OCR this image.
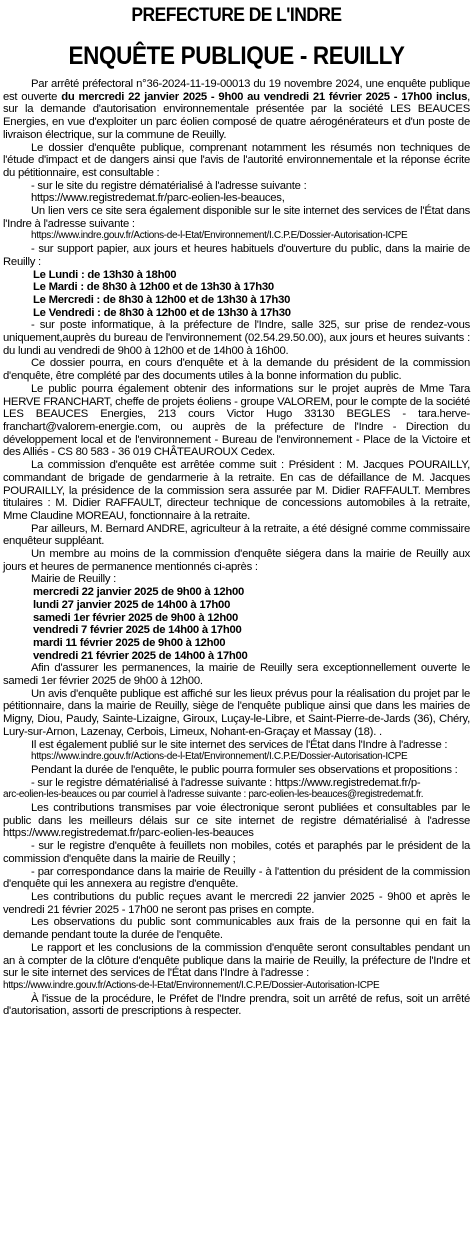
PREFECTURE DE L'INDRE
ENQUÊTE PUBLIQUE - REUILLY

Par arrêté préfectoral n°36-2024-11-19-00013 du 19 novembre 2024, une enquête publique est ouverte du mercredi 22 janvier 2025 - 9h00 au vendredi 21 février 2025 - 17h00 inclus, sur la demande d'autorisation environnementale présentée par la société LES BEAUCES Energies, en vue d'exploiter un parc éolien composé de quatre aérogénérateurs et d'un poste de livraison électrique, sur la commune de Reuilly.

Le dossier d'enquête publique, comprenant notamment les résumés non techniques de l'étude d'impact et de dangers ainsi que l'avis de l'autorité environnementale et la réponse écrite du pétitionnaire, est consultable :

- sur le site du registre dématérialisé à l'adresse suivante :

https://www.registredemat.fr/parc-eolien-les-beauces,

Un lien vers ce site sera également disponible sur le site internet des services de l'État dans l'Indre à l'adresse suivante :

https://www.indre.gouv.fr/Actions-de-l-Etat/Environnement/I.C.P.E/Dossier-Autorisation-ICPE

- sur support papier, aux jours et heures habituels d'ouverture du public, dans la mairie de Reuilly :

Le Lundi : de 13h30 à 18h00

Le Mardi : de 8h30 à 12h00 et de 13h30 à 17h30

Le Mercredi : de 8h30 à 12h00 et de 13h30 à 17h30

Le Vendredi : de 8h30 à 12h00 et de 13h30 à 17h30

- sur poste informatique, à la préfecture de l'Indre, salle 325, sur prise de rendez-vous uniquement,auprès du bureau de l'environnement (02.54.29.50.00), aux jours et heures suivants : du lundi au vendredi de 9h00 à 12h00 et de 14h00 à 16h00.

Ce dossier pourra, en cours d'enquête et à la demande du président de la commission d'enquête, être complété par des documents utiles à la bonne information du public.

Le public pourra également obtenir des informations sur le projet auprès de Mme Tara HERVE FRANCHART, cheffe de projets éoliens - groupe VALOREM, pour le compte de la société LES BEAUCES Energies, 213 cours Victor Hugo 33130 BEGLES - tara.herve-franchart@valorem-energie.com, ou auprès de la préfecture de l'Indre - Direction du développement local et de l'environnement - Bureau de l'environnement - Place de la Victoire et des Alliés - CS 80 583 - 36 019 CHÂTEAUROUX Cedex.

La commission d'enquête est arrêtée comme suit : Président : M. Jacques POURAILLY, commandant de brigade de gendarmerie à la retraite. En cas de défaillance de M. Jacques POURAILLY, la présidence de la commission sera assurée par M. Didier RAFFAULT. Membres titulaires : M. Didier RAFFAULT, directeur technique de concessions automobiles à la retraite, Mme Claudine MOREAU, fonctionnaire à la retraite.

Par ailleurs, M. Bernard ANDRE, agriculteur à la retraite, a été désigné comme commissaire enquêteur suppléant.

Un membre au moins de la commission d'enquête siégera dans la mairie de Reuilly aux jours et heures de permanence mentionnés ci-après :

Mairie de Reuilly :

mercredi 22 janvier 2025 de 9h00 à 12h00

lundi 27 janvier 2025 de 14h00 à 17h00

samedi 1er février 2025 de 9h00 à 12h00

vendredi 7 février 2025 de 14h00 à 17h00

mardi 11 février 2025 de 9h00 à 12h00

vendredi 21 février 2025 de 14h00 à 17h00

Afin d'assurer les permanences, la mairie de Reuilly sera exceptionnellement ouverte le samedi 1er février 2025 de 9h00 à 12h00.

Un avis d'enquête publique est affiché sur les lieux prévus pour la réalisation du projet par le pétitionnaire, dans la mairie de Reuilly, siège de l'enquête publique ainsi que dans les mairies de Migny, Diou, Paudy, Sainte-Lizaigne, Giroux, Luçay-le-Libre, et Saint-Pierre-de-Jards (36), Chéry, Lury-sur-Arnon, Lazenay, Cerbois, Limeux, Nohant-en-Graçay et Massay (18). .

Il est également publié sur le site internet des services de l'État dans l'Indre à l'adresse :

https://www.indre.gouv.fr/Actions-de-l-Etat/Environnement/I.C.P.E/Dossier-Autorisation-ICPE

Pendant la durée de l'enquête, le public pourra formuler ses observations et propositions :

- sur le registre dématérialisé à l'adresse suivante : https://www.registredemat.fr/p-

arc-eolien-les-beauces ou par courriel à l'adresse suivante : parc-eolien-les-beauces@registredemat.fr.

Les contributions transmises par voie électronique seront publiées et consultables par le public dans les meilleurs délais sur ce site internet de registre dématérialisé à l'adresse https://www.registredemat.fr/parc-eolien-les-beauces

- sur le registre d'enquête à feuillets non mobiles, cotés et paraphés par le président de la commission d'enquête dans la mairie de Reuilly ;

- par correspondance dans la mairie de Reuilly - à l'attention du président de la commission d'enquête qui les annexera au registre d'enquête.

Les contributions du public reçues avant le mercredi 22 janvier 2025 - 9h00 et après le vendredi 21 février 2025 - 17h00 ne seront pas prises en compte.

Les observations du public sont communicables aux frais de la personne qui en fait la demande pendant toute la durée de l'enquête.

Le rapport et les conclusions de la commission d'enquête seront consultables pendant un an à compter de la clôture d'enquête publique dans la mairie de Reuilly, la préfecture de l'Indre et sur le site internet des services de l'État dans l'Indre à l'adresse :

https://www.indre.gouv.fr/Actions-de-l-Etat/Environnement/I.C.P.E/Dossier-Autorisation-ICPE

À l'issue de la procédure, le Préfet de l'Indre prendra, soit un arrêté de refus, soit un arrêté d'autorisation, assorti de prescriptions à respecter.
